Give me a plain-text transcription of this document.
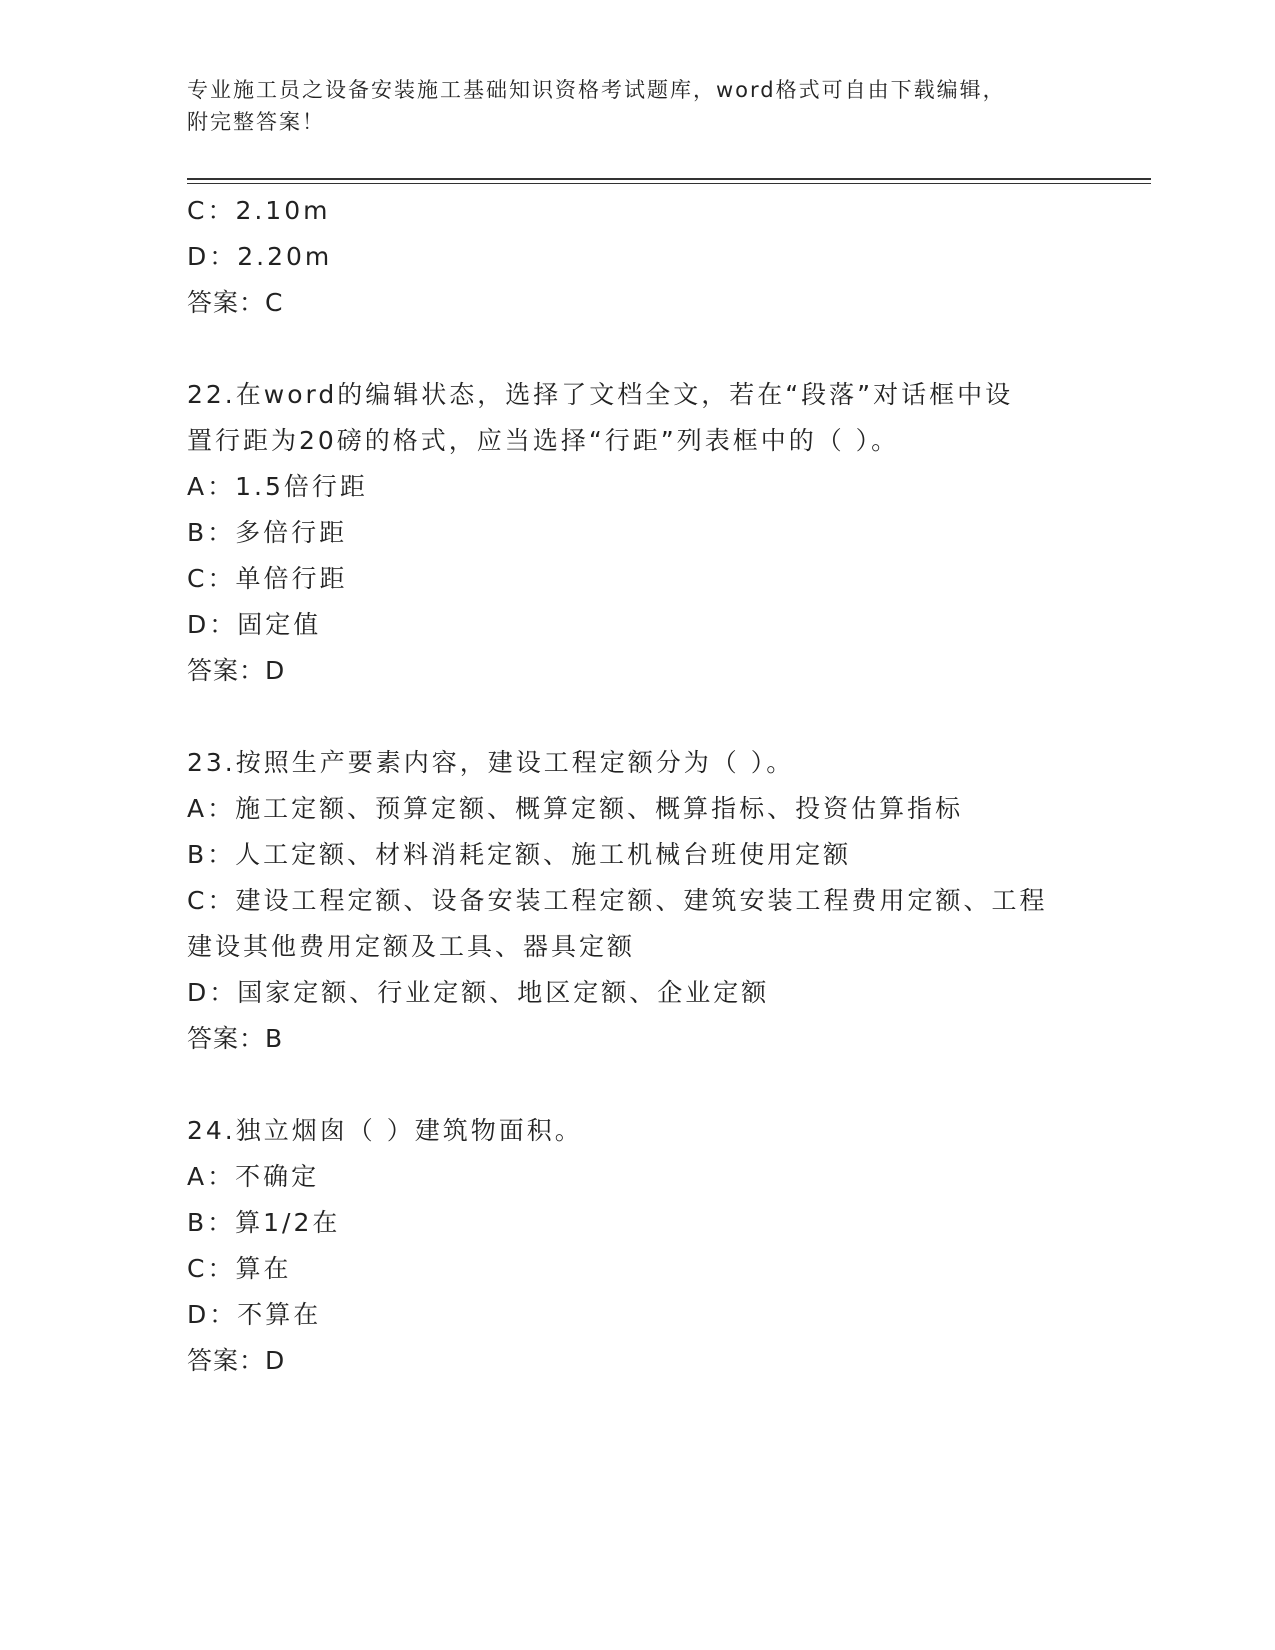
专业施工员之设备安装施工基础知识资格考试题库，word格式可自由下载编辑，
附完整答案！
C：2.10m
D：2.20m
答案：C
22.在word的编辑状态，选择了文档全文，若在“段落”对话框中设
置行距为20磅的格式，应当选择“行距”列表框中的（ ）。
A：1.5倍行距
B：多倍行距
C：单倍行距
D：固定值
答案：D
23.按照生产要素内容，建设工程定额分为（ ）。
A：施工定额、预算定额、概算定额、概算指标、投资估算指标
B：人工定额、材料消耗定额、施工机械台班使用定额
C：建设工程定额、设备安装工程定额、建筑安装工程费用定额、工程
建设其他费用定额及工具、器具定额
D：国家定额、行业定额、地区定额、企业定额
答案：B
24.独立烟囱（ ）建筑物面积。
A：不确定
B：算1/2在
C：算在
D：不算在
答案：D
